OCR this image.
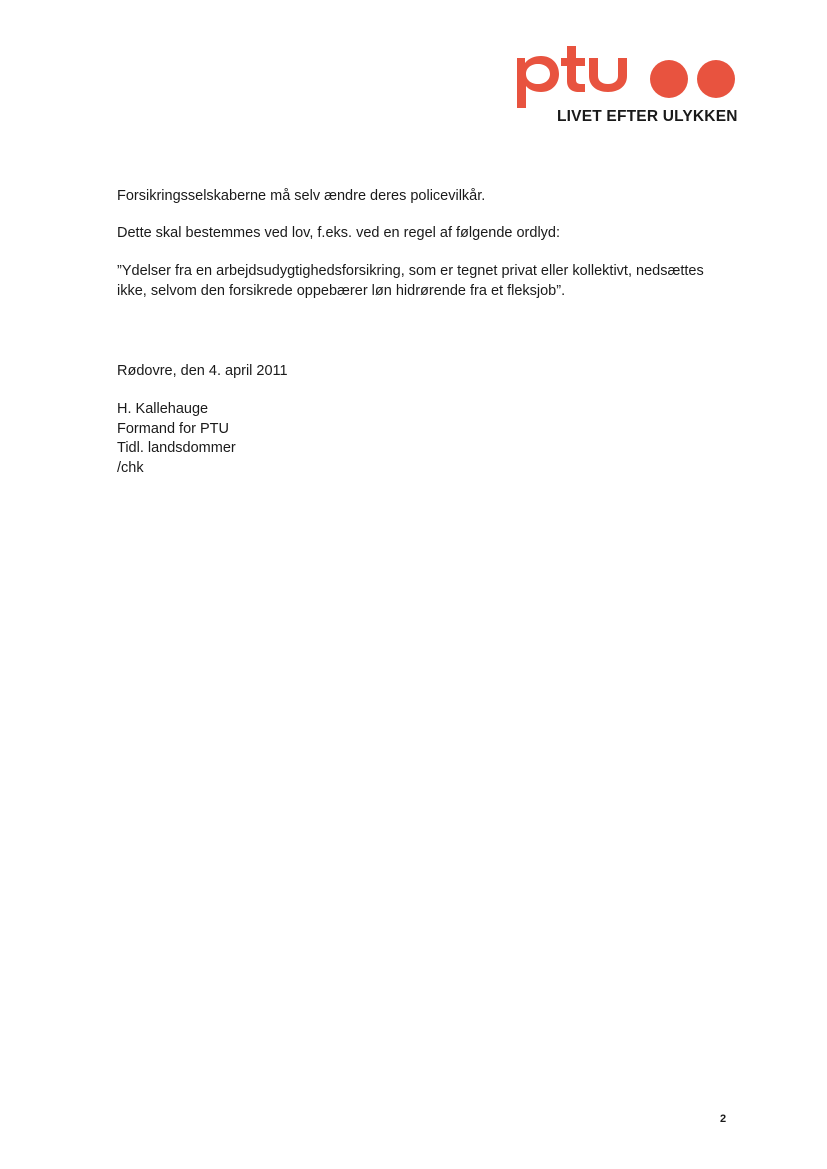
LIVET EFTER ULYKKEN

Forsikringsselskaberne må selv ændre deres policevilkår.

Dette skal bestemmes ved lov, f.eks. ved en regel af følgende ordlyd:

”Ydelser fra en arbejdsudygtighedsforsikring, som er tegnet privat eller kollektivt, nedsættes ikke, selvom den forsikrede oppebærer løn hidrørende fra et fleksjob”.

Rødovre, den 4. april 2011

H. Kallehauge
Formand for PTU
Tidl. landsdommer
/chk
2
